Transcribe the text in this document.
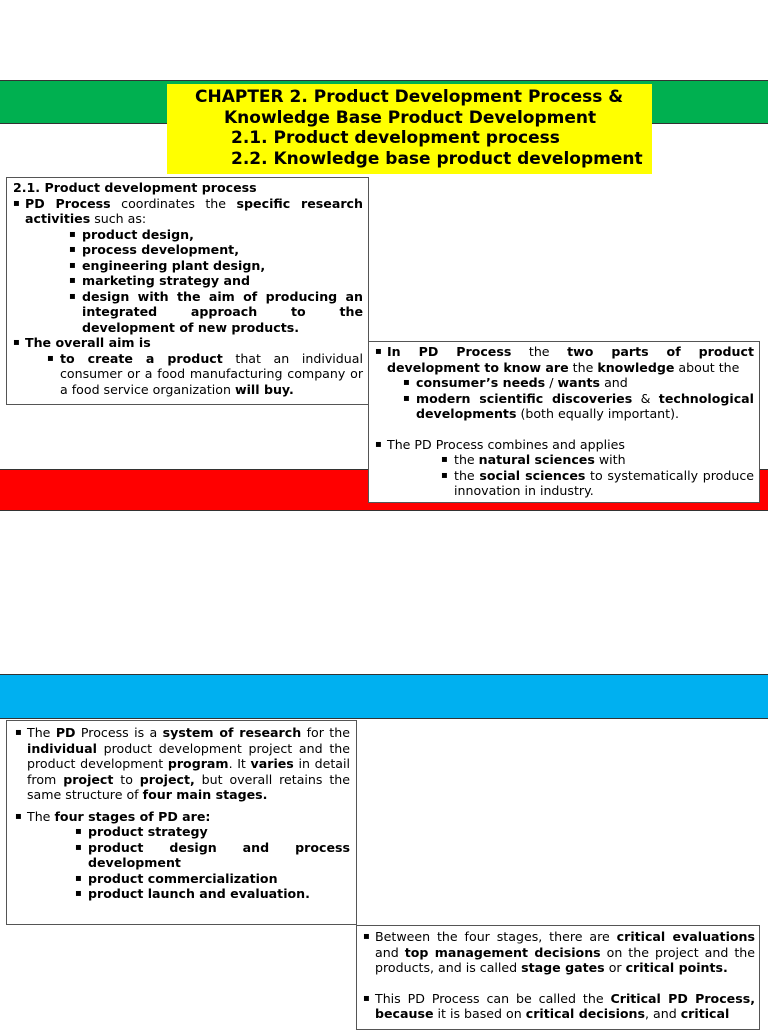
CHAPTER 2. Product Development Process &
Knowledge Base Product Development
2.1. Product development process
2.2. Knowledge base product development
2.1. Product development process
▪ PD Process coordinates the specific research activities such as:
▪ product design,
▪ process development,
▪ engineering plant design,
▪ marketing strategy and
▪ design with the aim of producing an integrated approach to the development of new products.
▪ The overall aim is
▪ to create a product that an individual consumer or a food manufacturing company or a food service organization will buy.
▪ In PD Process the two parts of product development to know are the knowledge about the
▪ consumer’s needs / wants and
▪ modern scientific discoveries & technological developments (both equally important).
▪ The PD Process combines and applies
▪ the natural sciences with
▪ the social sciences to systematically produce innovation in industry.
▪ The PD Process is a system of research for the individual product development project and the product development program. It varies in detail from project to project, but overall retains the same structure of four main stages.
▪ The four stages of PD are:
▪ product strategy
▪ product design and process development
▪ product commercialization
▪ product launch and evaluation.
▪ Between the four stages, there are critical evaluations and top management decisions on the project and the products, and is called stage gates or critical points.
▪ This PD Process can be called the Critical PD Process, because it is based on critical decisions, and critical
